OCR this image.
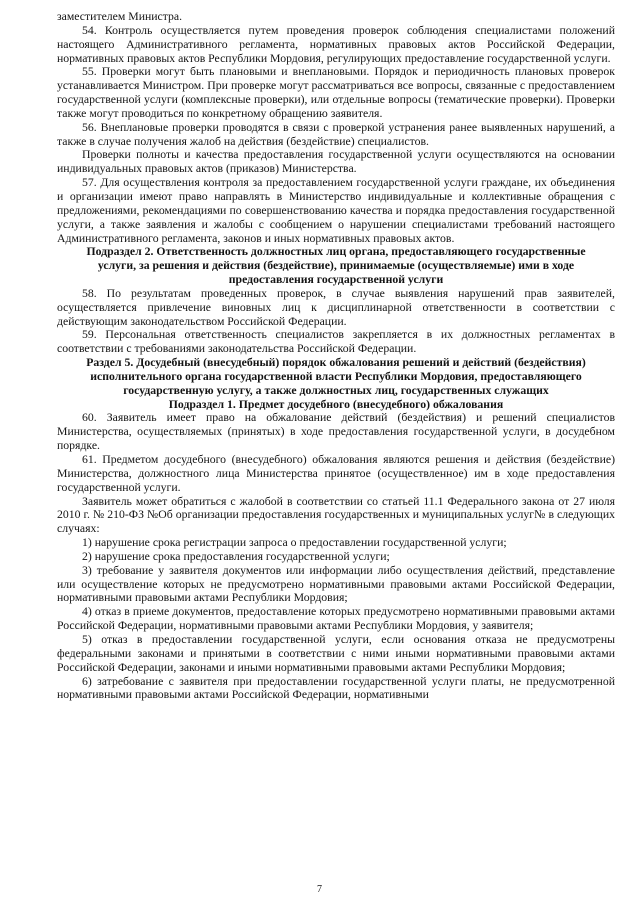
заместителем Министра.

54. Контроль осуществляется путем проведения проверок соблюдения специалистами положений настоящего Административного регламента, нормативных правовых актов Российской Федерации, нормативных правовых актов Республики Мордовия, регулирующих предоставление государственной услуги.

55. Проверки могут быть плановыми и внеплановыми. Порядок и периодичность плановых проверок устанавливается Министром. При проверке могут рассматриваться все вопросы, связанные с предоставлением государственной услуги (комплексные проверки), или отдельные вопросы (тематические проверки). Проверки также могут проводиться по конкретному обращению заявителя.

56. Внеплановые проверки проводятся в связи с проверкой устранения ранее выявленных нарушений, а также в случае получения жалоб на действия (бездействие) специалистов.

Проверки полноты и качества предоставления государственной услуги осуществляются на основании индивидуальных правовых актов (приказов) Министерства.

57. Для осуществления контроля за предоставлением государственной услуги граждане, их объединения и организации имеют право направлять в Министерство индивидуальные и коллективные обращения с предложениями, рекомендациями по совершенствованию качества и порядка предоставления государственной услуги, а также заявления и жалобы с сообщением о нарушении специалистами требований настоящего Административного регламента, законов и иных нормативных правовых актов.

Подраздел 2. Ответственность должностных лиц органа, предоставляющего государственные услуги, за решения и действия (бездействие), принимаемые (осуществляемые) ими в ходе предоставления государственной услуги

58. По результатам проведенных проверок, в случае выявления нарушений прав заявителей, осуществляется привлечение виновных лиц к дисциплинарной ответственности в соответствии с действующим законодательством Российской Федерации.

59. Персональная ответственность специалистов закрепляется в их должностных регламентах в соответствии с требованиями законодательства Российской Федерации.

Раздел 5. Досудебный (внесудебный) порядок обжалования решений и действий (бездействия) исполнительного органа государственной власти Республики Мордовия, предоставляющего государственную услугу, а также должностных лиц, государственных служащих
Подраздел 1. Предмет досудебного (внесудебного) обжалования

60. Заявитель имеет право на обжалование действий (бездействия) и решений специалистов Министерства, осуществляемых (принятых) в ходе предоставления государственной услуги, в досудебном порядке.

61. Предметом досудебного (внесудебного) обжалования являются решения и действия (бездействие) Министерства, должностного лица Министерства принятое (осуществленное) им в ходе предоставления государственной услуги.

Заявитель может обратиться с жалобой в соответствии со статьей 11.1 Федерального закона от 27 июля 2010 г. № 210-ФЗ №Об организации предоставления государственных и муниципальных услуг№ в следующих случаях:

1) нарушение срока регистрации запроса о предоставлении государственной услуги;

2) нарушение срока предоставления государственной услуги;

3) требование у заявителя документов или информации либо осуществления действий, представление или осуществление которых не предусмотрено нормативными правовыми актами Российской Федерации, нормативными правовыми актами Республики Мордовия;

4) отказ в приеме документов, предоставление которых предусмотрено нормативными правовыми актами Российской Федерации, нормативными правовыми актами Республики Мордовия, у заявителя;

5) отказ в предоставлении государственной услуги, если основания отказа не предусмотрены федеральными законами и принятыми в соответствии с ними иными нормативными правовыми актами Российской Федерации, законами и иными нормативными правовыми актами Республики Мордовия;

6) затребование с заявителя при предоставлении государственной услуги платы, не предусмотренной нормативными правовыми актами Российской Федерации, нормативными

7
